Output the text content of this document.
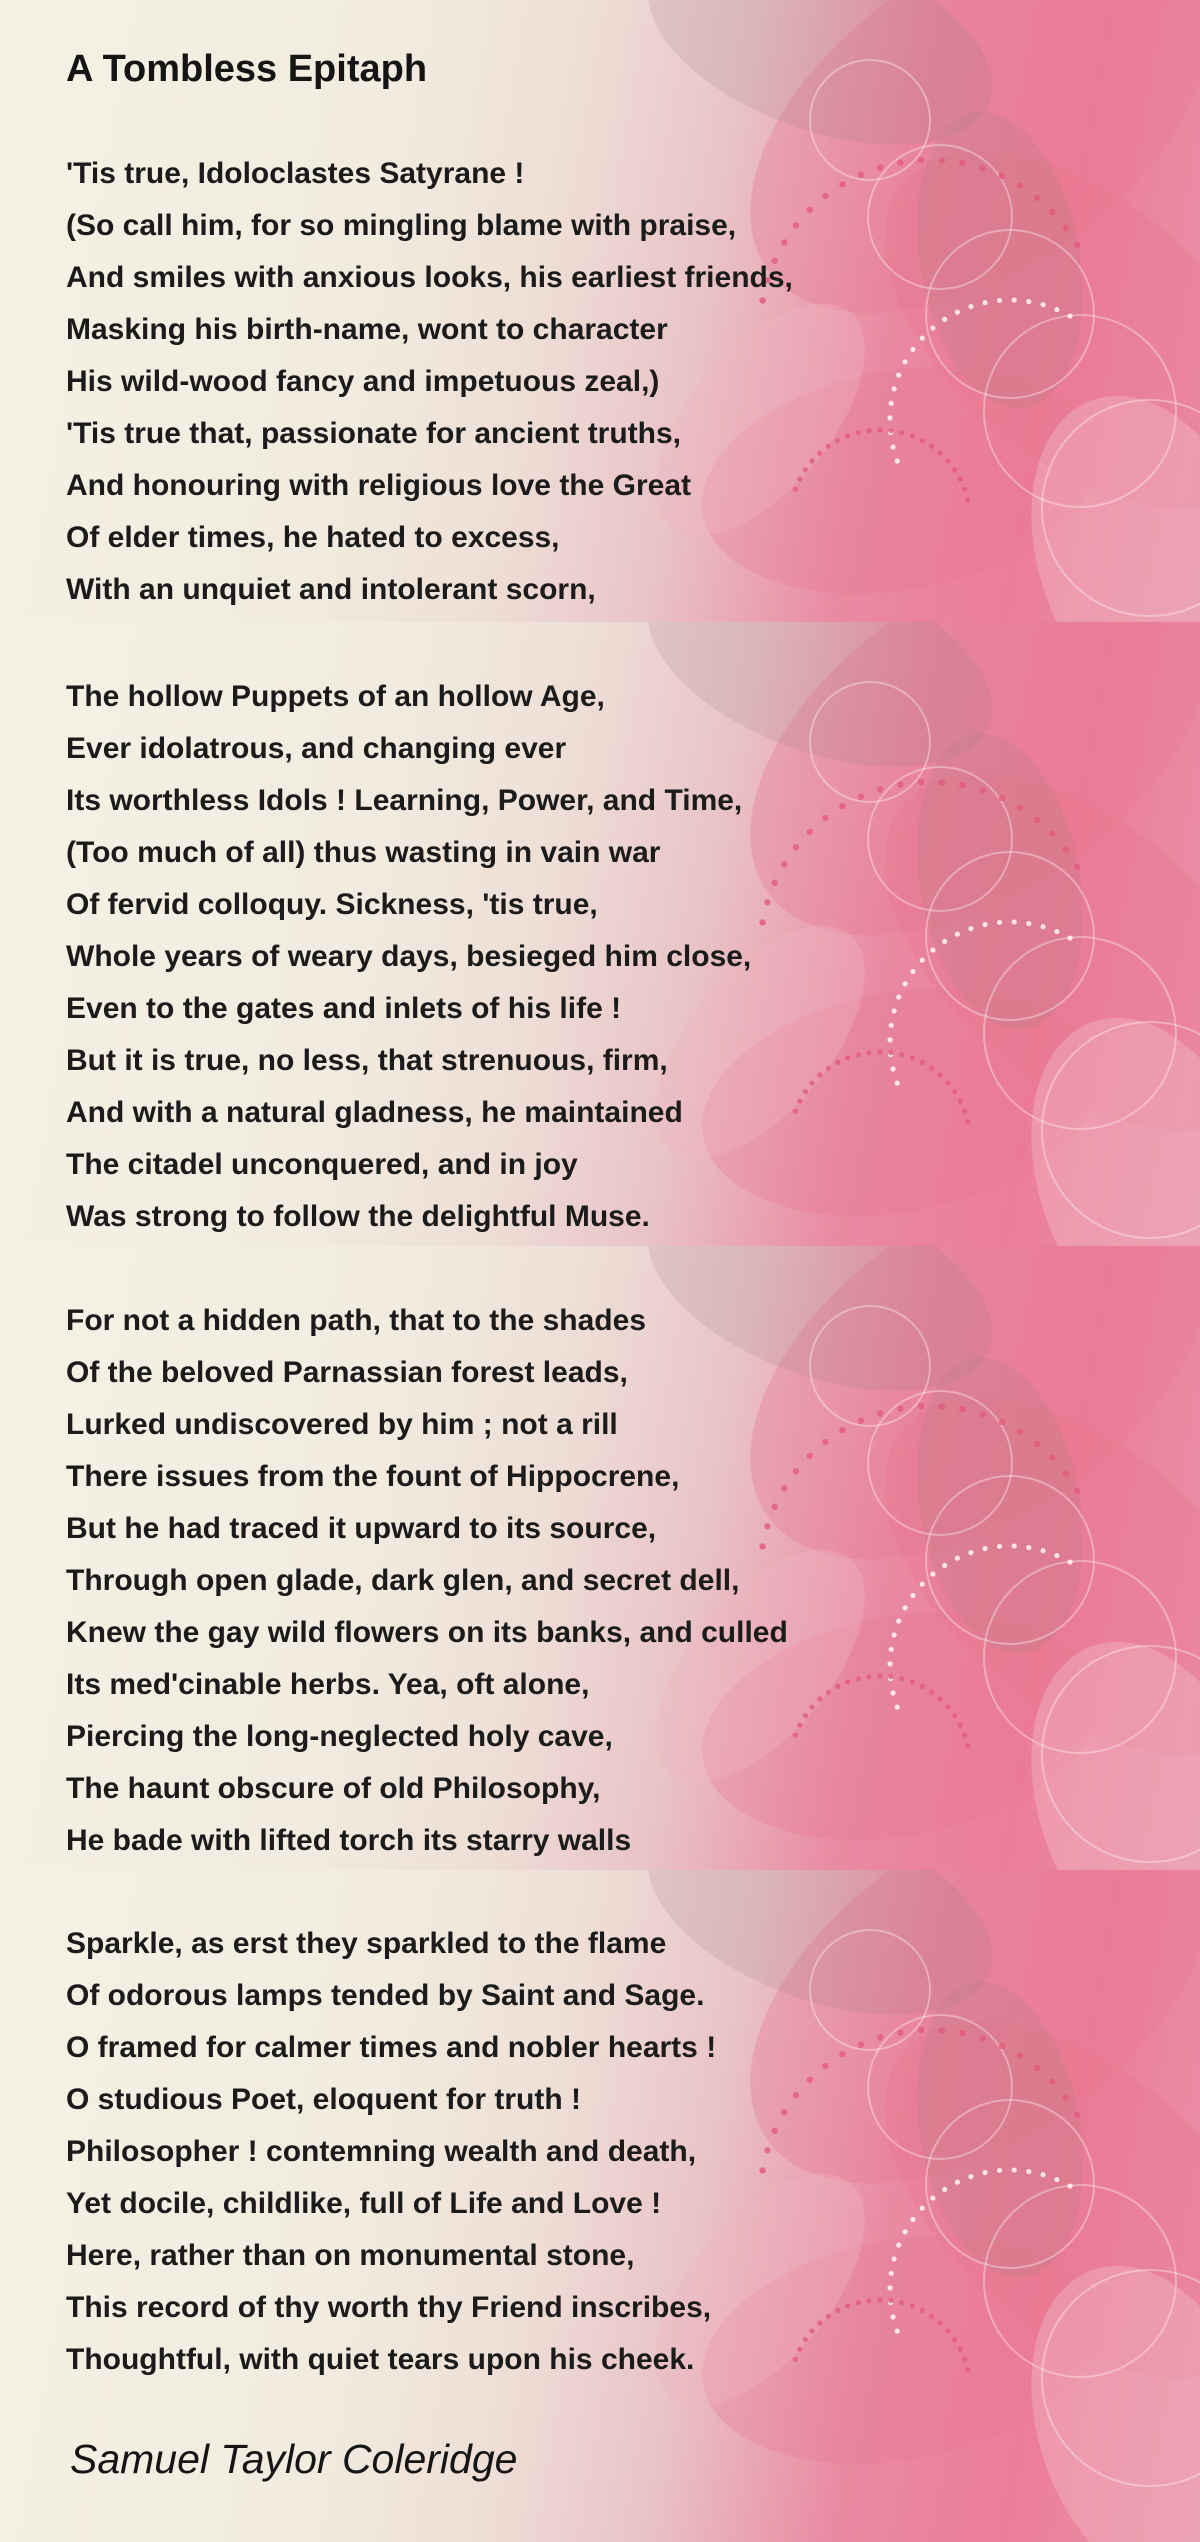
A Tombless Epitaph
'Tis true, Idoloclastes Satyrane !
(So call him, for so mingling blame with praise,
And smiles with anxious looks, his earliest friends,
Masking his birth-name, wont to character
His wild-wood fancy and impetuous zeal,)
'Tis true that, passionate for ancient truths,
And honouring with religious love the Great
Of elder times, he hated to excess,
With an unquiet and intolerant scorn,
The hollow Puppets of an hollow Age,
Ever idolatrous, and changing ever
Its worthless Idols ! Learning, Power, and Time,
(Too much of all) thus wasting in vain war
Of fervid colloquy. Sickness, 'tis true,
Whole years of weary days, besieged him close,
Even to the gates and inlets of his life !
But it is true, no less, that strenuous, firm,
And with a natural gladness, he maintained
The citadel unconquered, and in joy
Was strong to follow the delightful Muse.
For not a hidden path, that to the shades
Of the beloved Parnassian forest leads,
Lurked undiscovered by him ; not a rill
There issues from the fount of Hippocrene,
But he had traced it upward to its source,
Through open glade, dark glen, and secret dell,
Knew the gay wild flowers on its banks, and culled
Its med'cinable herbs. Yea, oft alone,
Piercing the long-neglected holy cave,
The haunt obscure of old Philosophy,
He bade with lifted torch its starry walls
Sparkle, as erst they sparkled to the flame
Of odorous lamps tended by Saint and Sage.
O framed for calmer times and nobler hearts !
O studious Poet, eloquent for truth !
Philosopher ! contemning wealth and death,
Yet docile, childlike, full of Life and Love !
Here, rather than on monumental stone,
This record of thy worth thy Friend inscribes,
Thoughtful, with quiet tears upon his cheek.

Samuel Taylor Coleridge
